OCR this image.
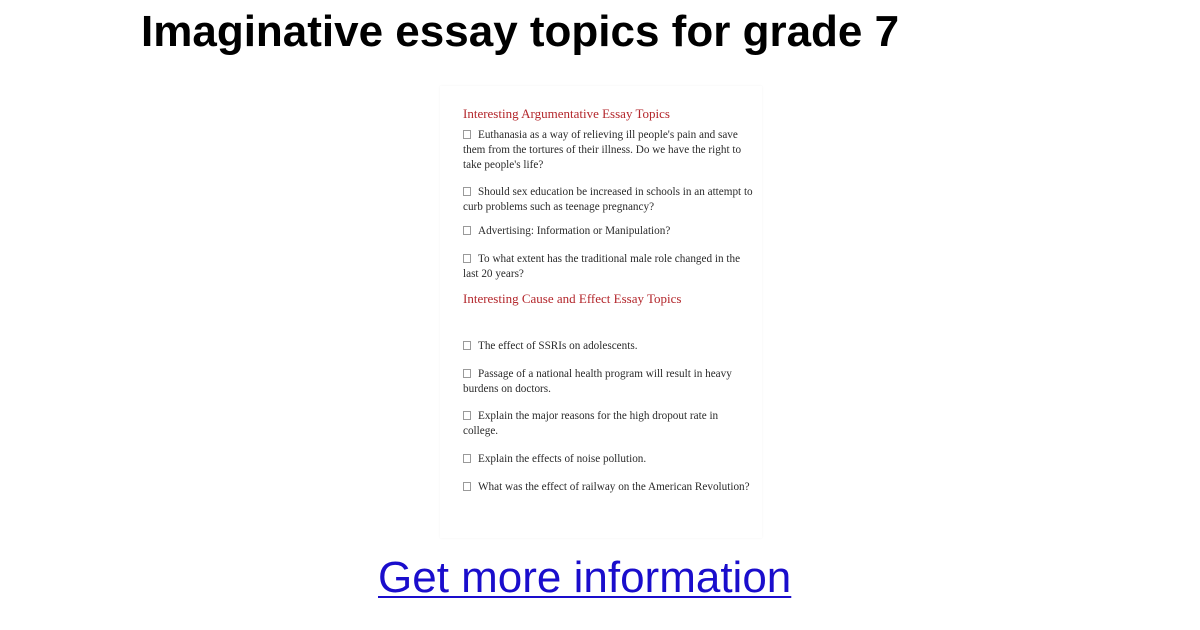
Imaginative essay topics for grade 7
Interesting Argumentative Essay Topics
Euthanasia as a way of relieving ill people's pain and save them from the tortures of their illness. Do we have the right to take people's life?
Should sex education be increased in schools in an attempt to curb problems such as teenage pregnancy?
Advertising: Information or Manipulation?
To what extent has the traditional male role changed in the last 20 years?
Interesting Cause and Effect Essay Topics
The effect of SSRIs on adolescents.
Passage of a national health program will result in heavy burdens on doctors.
Explain the major reasons for the high dropout rate in college.
Explain the effects of noise pollution.
What was the effect of railway on the American Revolution?
Get more information
